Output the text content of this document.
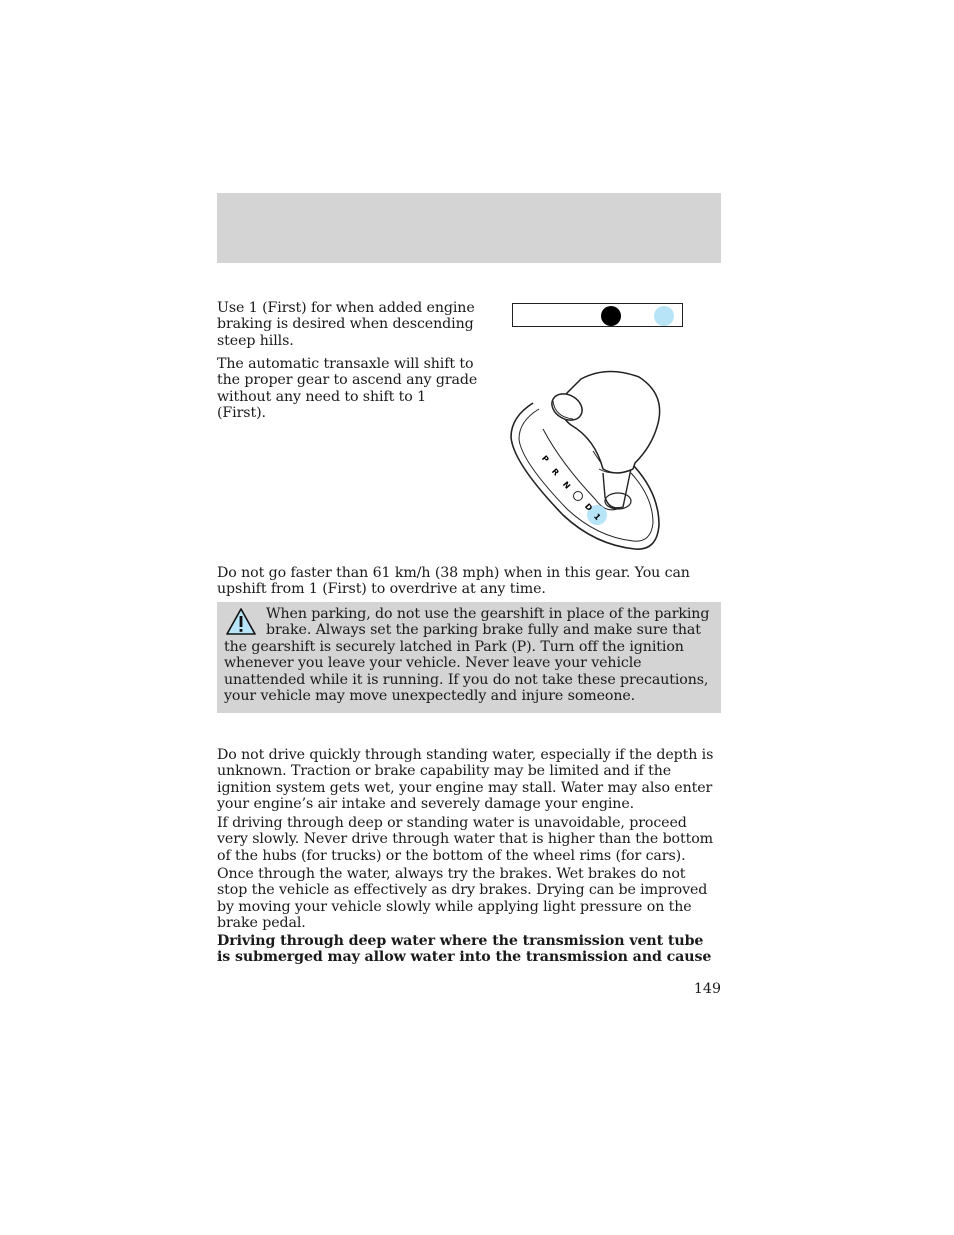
Use 1 (First) for when added engine braking is desired when descending steep hills.

The automatic transaxle will shift to the proper gear to ascend any grade without any need to shift to 1 (First).

P
R
N
D
1

Do not go faster than 61 km/h (38 mph) when in this gear. You can upshift from 1 (First) to overdrive at any time.

When parking, do not use the gearshift in place of the parking brake. Always set the parking brake fully and make sure that the gearshift is securely latched in Park (P). Turn off the ignition whenever you leave your vehicle. Never leave your vehicle unattended while it is running. If you do not take these precautions, your vehicle may move unexpectedly and injure someone.

Do not drive quickly through standing water, especially if the depth is unknown. Traction or brake capability may be limited and if the ignition system gets wet, your engine may stall. Water may also enter your engine’s air intake and severely damage your engine.

If driving through deep or standing water is unavoidable, proceed very slowly. Never drive through water that is higher than the bottom of the hubs (for trucks) or the bottom of the wheel rims (for cars).

Once through the water, always try the brakes. Wet brakes do not stop the vehicle as effectively as dry brakes. Drying can be improved by moving your vehicle slowly while applying light pressure on the brake pedal.

Driving through deep water where the transmission vent tube is submerged may allow water into the transmission and cause

149
